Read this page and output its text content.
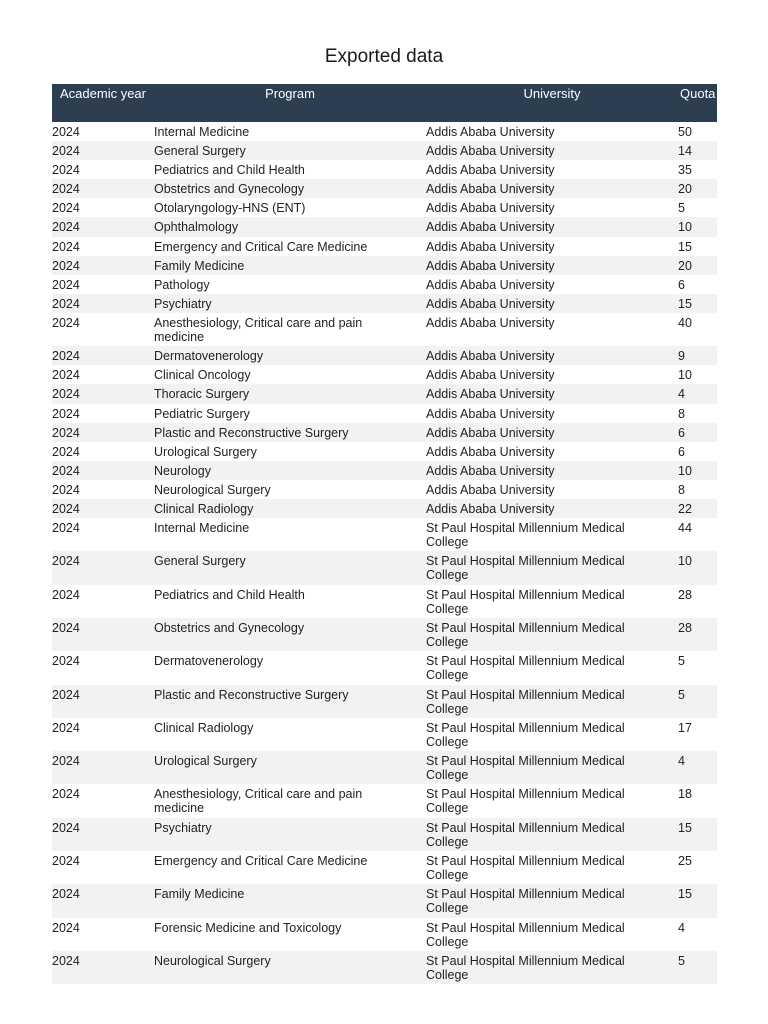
Exported data
Academic year	Program	University	Quota
2024	Internal Medicine	Addis Ababa University	50
2024	General Surgery	Addis Ababa University	14
2024	Pediatrics and Child Health	Addis Ababa University	35
2024	Obstetrics and Gynecology	Addis Ababa University	20
2024	Otolaryngology-HNS (ENT)	Addis Ababa University	5
2024	Ophthalmology	Addis Ababa University	10
2024	Emergency and Critical Care Medicine	Addis Ababa University	15
2024	Family Medicine	Addis Ababa University	20
2024	Pathology	Addis Ababa University	6
2024	Psychiatry	Addis Ababa University	15
2024	Anesthesiology, Critical care and pain medicine	Addis Ababa University	40
2024	Dermatovenerology	Addis Ababa University	9
2024	Clinical Oncology	Addis Ababa University	10
2024	Thoracic Surgery	Addis Ababa University	4
2024	Pediatric Surgery	Addis Ababa University	8
2024	Plastic and Reconstructive Surgery	Addis Ababa University	6
2024	Urological Surgery	Addis Ababa University	6
2024	Neurology	Addis Ababa University	10
2024	Neurological Surgery	Addis Ababa University	8
2024	Clinical Radiology	Addis Ababa University	22
2024	Internal Medicine	St Paul Hospital Millennium Medical College	44
2024	General Surgery	St Paul Hospital Millennium Medical College	10
2024	Pediatrics and Child Health	St Paul Hospital Millennium Medical College	28
2024	Obstetrics and Gynecology	St Paul Hospital Millennium Medical College	28
2024	Dermatovenerology	St Paul Hospital Millennium Medical College	5
2024	Plastic and Reconstructive Surgery	St Paul Hospital Millennium Medical College	5
2024	Clinical Radiology	St Paul Hospital Millennium Medical College	17
2024	Urological Surgery	St Paul Hospital Millennium Medical College	4
2024	Anesthesiology, Critical care and pain medicine	St Paul Hospital Millennium Medical College	18
2024	Psychiatry	St Paul Hospital Millennium Medical College	15
2024	Emergency and Critical Care Medicine	St Paul Hospital Millennium Medical College	25
2024	Family Medicine	St Paul Hospital Millennium Medical College	15
2024	Forensic Medicine and Toxicology	St Paul Hospital Millennium Medical College	4
2024	Neurological Surgery	St Paul Hospital Millennium Medical College	5
